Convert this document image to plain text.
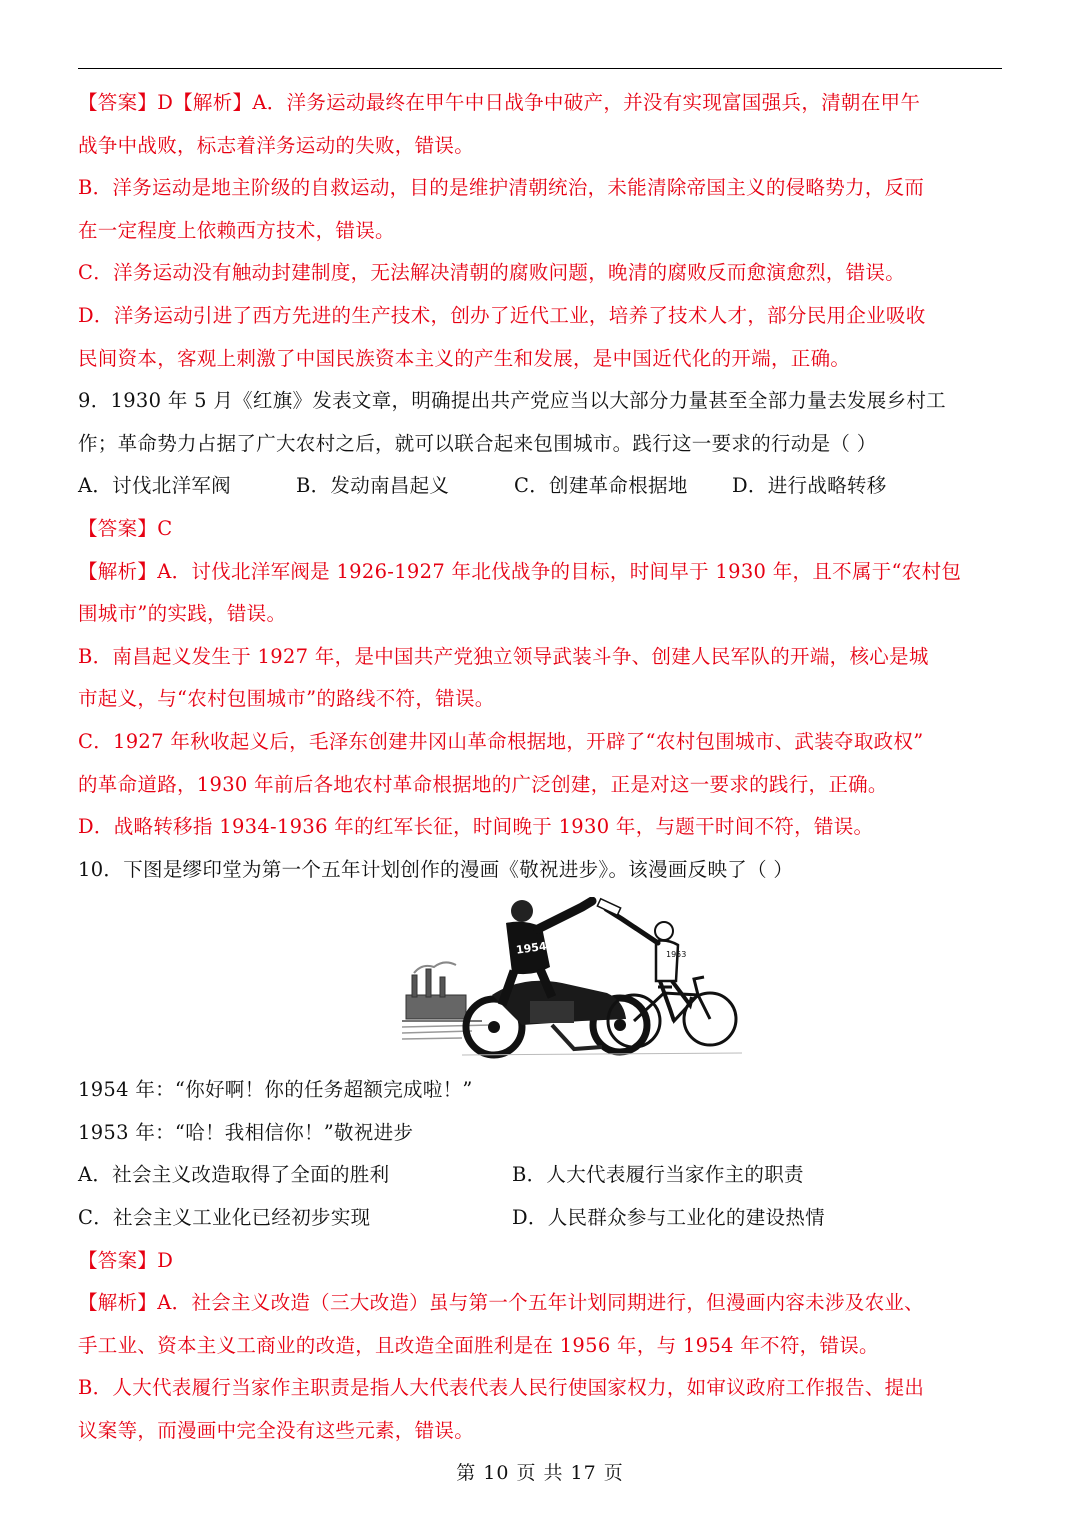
【答案】D【解析】A．洋务运动最终在甲午中日战争中破产，并没有实现富国强兵，清朝在甲午
战争中战败，标志着洋务运动的失败，错误。
B．洋务运动是地主阶级的自救运动，目的是维护清朝统治，未能清除帝国主义的侵略势力，反而
在一定程度上依赖西方技术，错误。
C．洋务运动没有触动封建制度，无法解决清朝的腐败问题，晚清的腐败反而愈演愈烈，错误。
D．洋务运动引进了西方先进的生产技术，创办了近代工业，培养了技术人才，部分民用企业吸收
民间资本，客观上刺激了中国民族资本主义的产生和发展，是中国近代化的开端，正确。
9．1930 年 5 月《红旗》发表文章，明确提出共产党应当以大部分力量甚至全部力量去发展乡村工
作；革命势力占据了广大农村之后，就可以联合起来包围城市。践行这一要求的行动是（ ）
A．讨伐北洋军阀	B．发动南昌起义	C．创建革命根据地	D．进行战略转移
【答案】C
【解析】A．讨伐北洋军阀是 1926-1927 年北伐战争的目标，时间早于 1930 年，且不属于“农村包
围城市”的实践，错误。
B．南昌起义发生于 1927 年，是中国共产党独立领导武装斗争、创建人民军队的开端，核心是城
市起义，与“农村包围城市”的路线不符，错误。
C．1927 年秋收起义后，毛泽东创建井冈山革命根据地，开辟了“农村包围城市、武装夺取政权”
的革命道路，1930 年前后各地农村革命根据地的广泛创建，正是对这一要求的践行，正确。
D．战略转移指 1934-1936 年的红军长征，时间晚于 1930 年，与题干时间不符，错误。
10．下图是缪印堂为第一个五年计划创作的漫画《敬祝进步》。该漫画反映了（ ）
1954	1953
1954 年：“你好啊！你的任务超额完成啦！”
1953 年：“哈！我相信你！”敬祝进步
A．社会主义改造取得了全面的胜利	B．人大代表履行当家作主的职责
C．社会主义工业化已经初步实现	D．人民群众参与工业化的建设热情
【答案】D
【解析】A．社会主义改造（三大改造）虽与第一个五年计划同期进行，但漫画内容未涉及农业、
手工业、资本主义工商业的改造，且改造全面胜利是在 1956 年，与 1954 年不符，错误。
B．人大代表履行当家作主职责是指人大代表代表人民行使国家权力，如审议政府工作报告、提出
议案等，而漫画中完全没有这些元素，错误。
第 10 页 共 17 页
